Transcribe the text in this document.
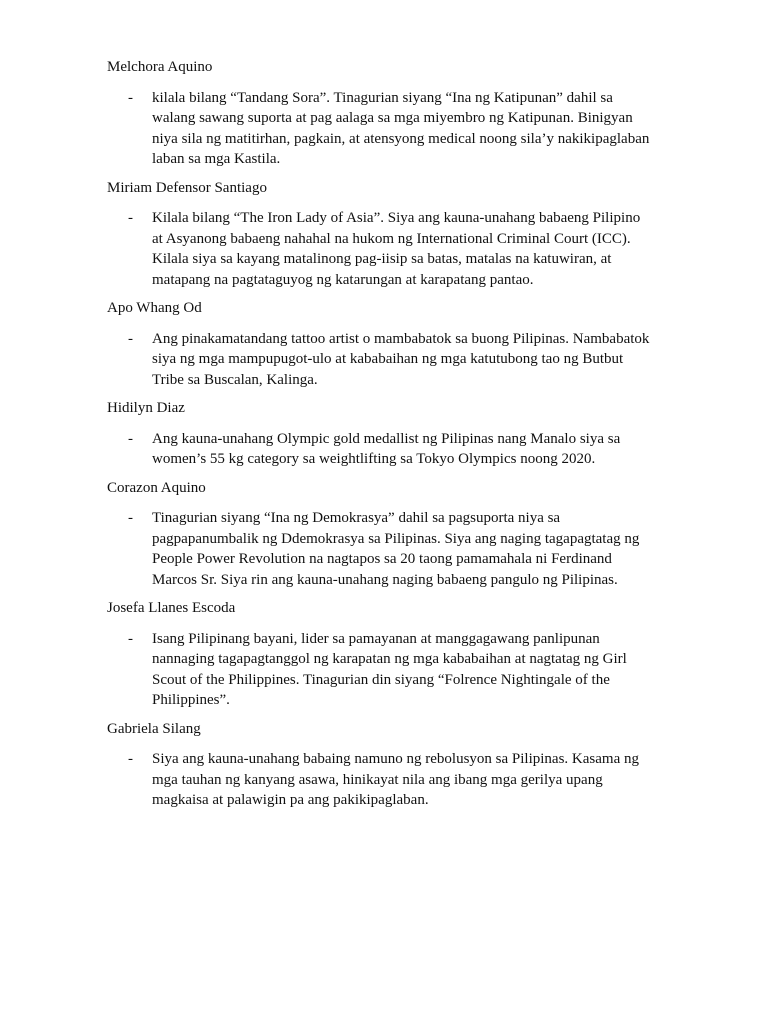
Melchora Aquino

- kilala bilang “Tandang Sora”. Tinagurian siyang “Ina ng Katipunan” dahil sa walang sawang suporta at pag aalaga sa mga miyembro ng Katipunan. Binigyan niya sila ng matitirhan, pagkain, at atensyong medical noong sila’y nakikipaglaban laban sa mga Kastila.

Miriam Defensor Santiago

- Kilala bilang “The Iron Lady of Asia”. Siya ang kauna-unahang babaeng Pilipino at Asyanong babaeng nahahal na hukom ng International Criminal Court (ICC). Kilala siya sa kayang matalinong pag-iisip sa batas, matalas na katuwiran, at matapang na pagtataguyog ng katarungan at karapatang pantao.

Apo Whang Od

- Ang pinakamatandang tattoo artist o mambabatok sa buong Pilipinas. Nambabatok siya ng mga mampupugot-ulo at kababaihan ng mga katutubong tao ng Butbut Tribe sa Buscalan, Kalinga.

Hidilyn Diaz

- Ang kauna-unahang Olympic gold medallist ng Pilipinas nang Manalo siya sa women’s 55 kg category sa weightlifting sa Tokyo Olympics noong 2020.

Corazon Aquino

- Tinagurian siyang “Ina ng Demokrasya” dahil sa pagsuporta niya sa pagpapanumbalik ng Ddemokrasya sa Pilipinas. Siya ang naging tagapagtatag ng People Power Revolution na nagtapos sa 20 taong pamamahala ni Ferdinand Marcos Sr. Siya rin ang kauna-unahang naging babaeng pangulo ng Pilipinas.

Josefa Llanes Escoda

- Isang Pilipinang bayani, lider sa pamayanan at manggagawang panlipunan nannaging tagapagtanggol ng karapatan ng mga kababaihan at nagtatag ng Girl Scout of the Philippines. Tinagurian din siyang “Folrence Nightingale of the Philippines”.

Gabriela Silang

- Siya ang kauna-unahang babaing namuno ng rebolusyon sa Pilipinas. Kasama ng mga tauhan ng kanyang asawa, hinikayat nila ang ibang mga gerilya upang magkaisa at palawigin pa ang pakikipaglaban.
